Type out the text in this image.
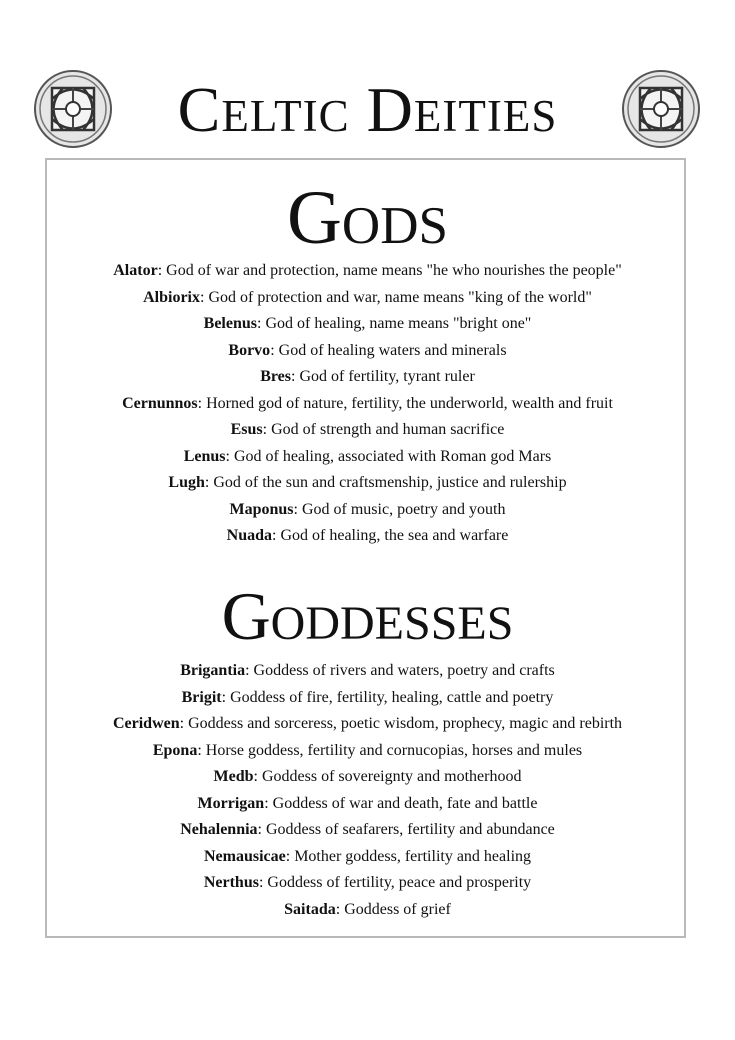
Celtic Deities
Gods
Alator: God of war and protection, name means "he who nourishes the people"
Albiorix: God of protection and war, name means "king of the world"
Belenus: God of healing, name means "bright one"
Borvo: God of healing waters and minerals
Bres: God of fertility, tyrant ruler
Cernunnos: Horned god of nature, fertility, the underworld, wealth and fruit
Esus: God of strength and human sacrifice
Lenus: God of healing, associated with Roman god Mars
Lugh: God of the sun and craftsmenship, justice and rulership
Maponus: God of music, poetry and youth
Nuada: God of healing, the sea and warfare
Goddesses
Brigantia: Goddess of rivers and waters, poetry and crafts
Brigit: Goddess of fire, fertility, healing, cattle and poetry
Ceridwen: Goddess and sorceress, poetic wisdom, prophecy, magic and rebirth
Epona: Horse goddess, fertility and cornucopias, horses and mules
Medb: Goddess of sovereignty and motherhood
Morrigan: Goddess of war and death, fate and battle
Nehalennia: Goddess of seafarers, fertility and abundance
Nemausicae: Mother goddess, fertility and healing
Nerthus: Goddess of fertility, peace and prosperity
Saitada: Goddess of grief
